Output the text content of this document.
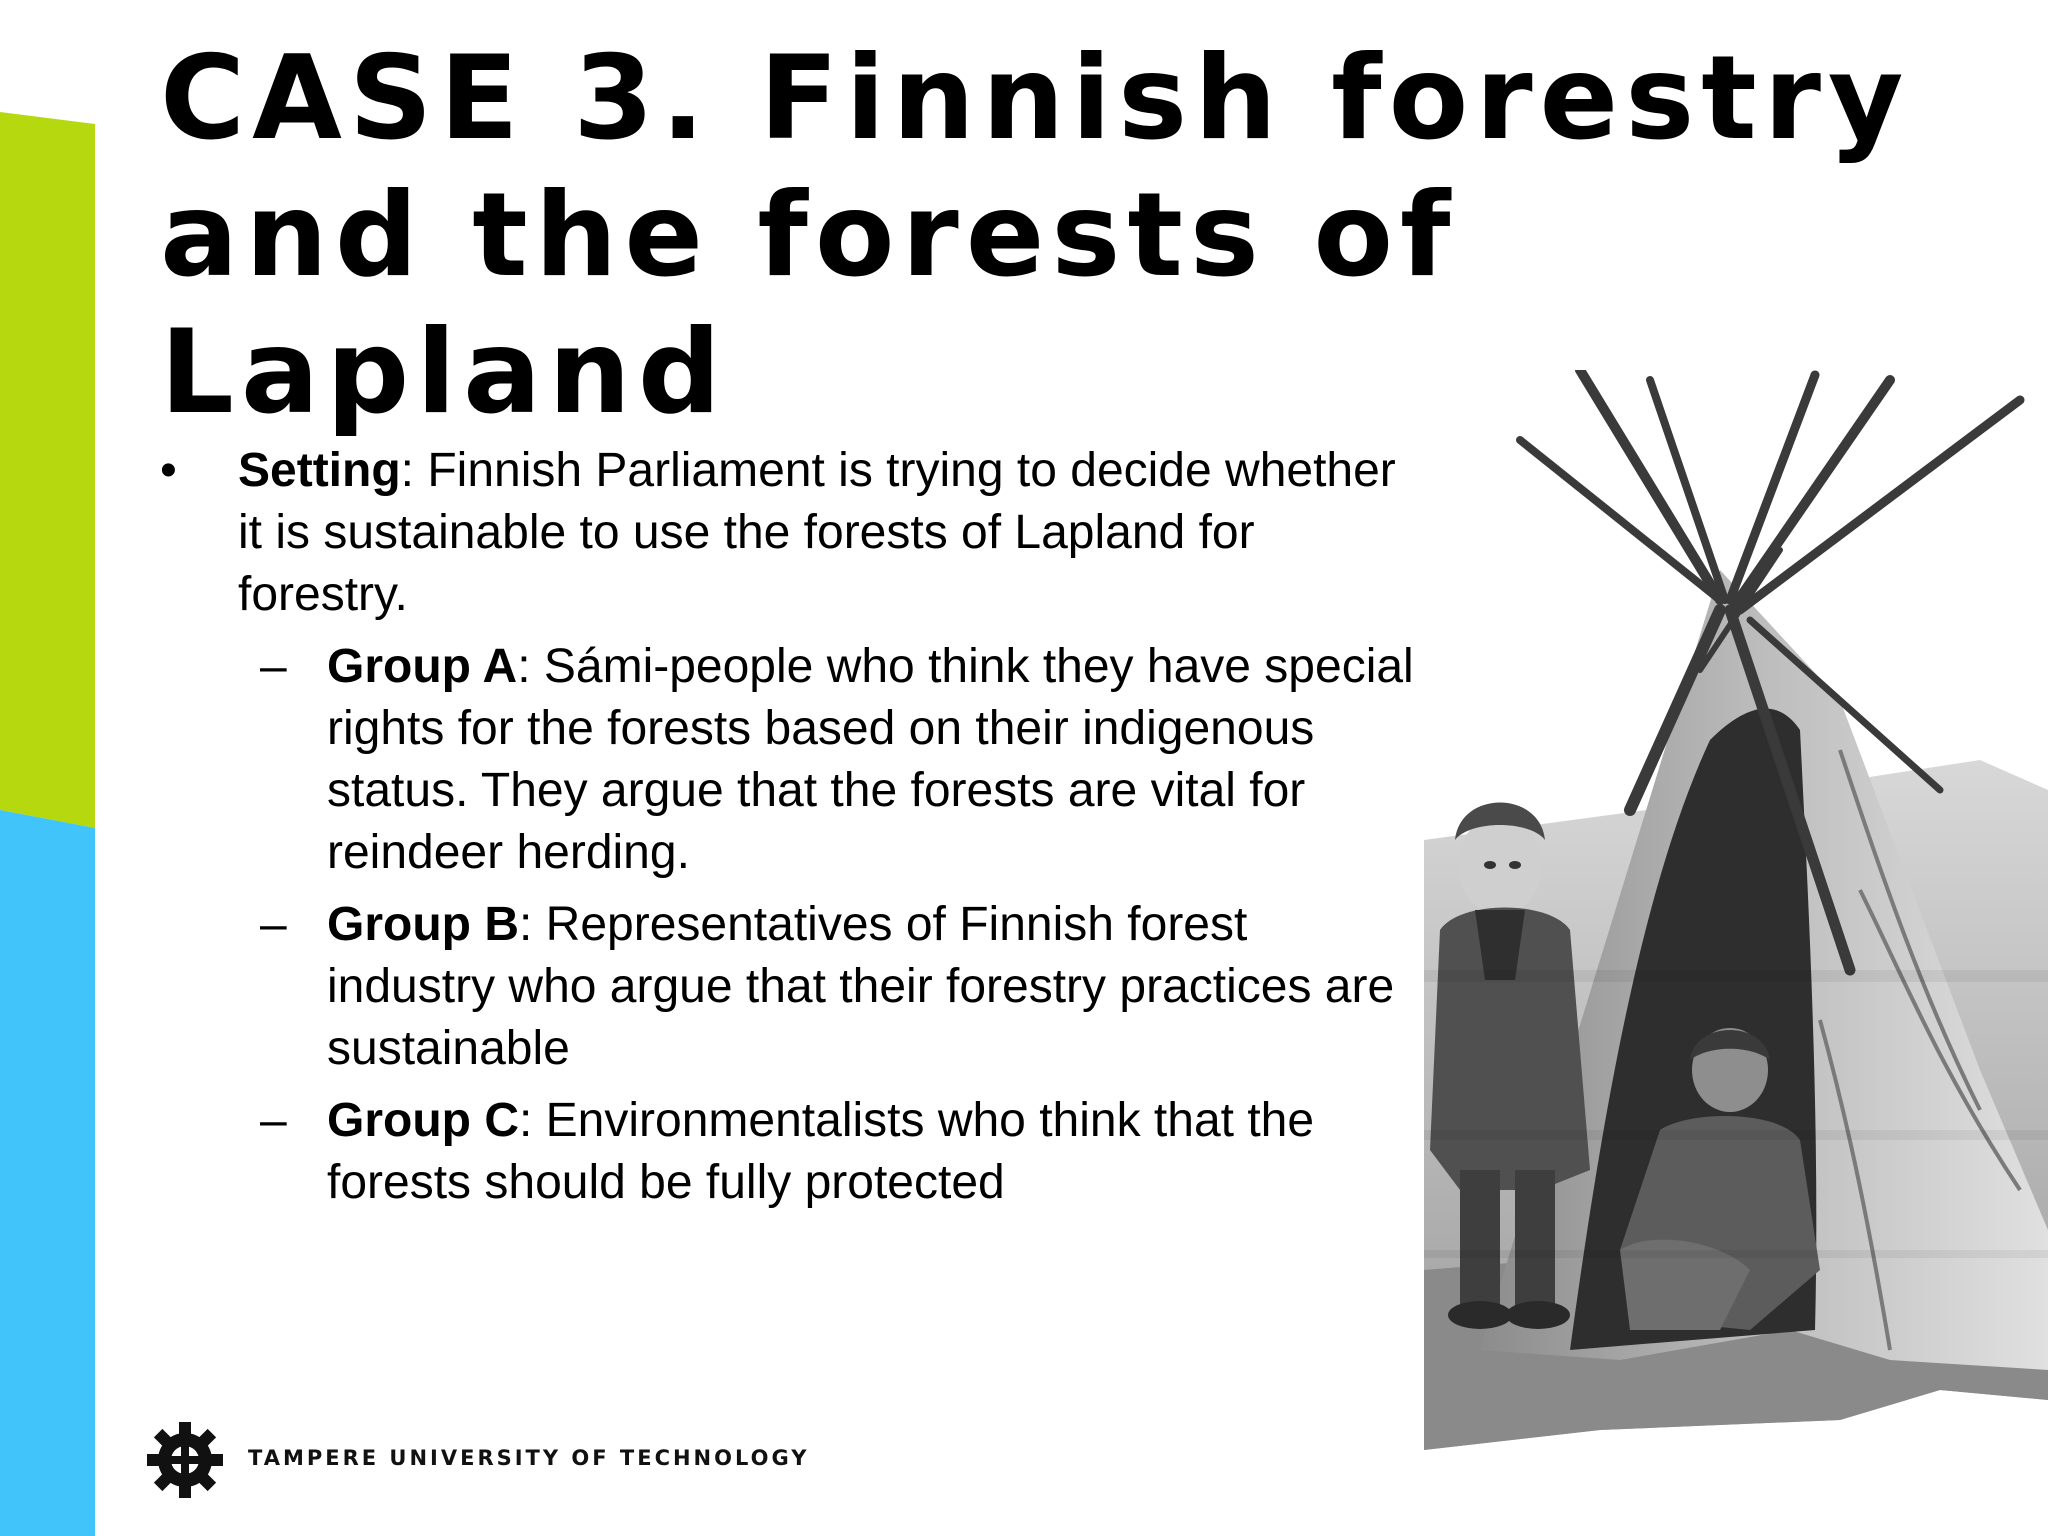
CASE 3. Finnish forestry and the forests of Lapland
•	Setting: Finnish Parliament is trying to decide whether it is sustainable to use the forests of Lapland for forestry.
– Group A: Sámi-people who think they have special rights for the forests based on their indigenous status. They argue that the forests are vital for reindeer herding.
– Group B: Representatives of Finnish forest industry who argue that their forestry practices are sustainable
– Group C: Environmentalists who think that the forests should be fully protected
TAMPERE UNIVERSITY OF TECHNOLOGY
